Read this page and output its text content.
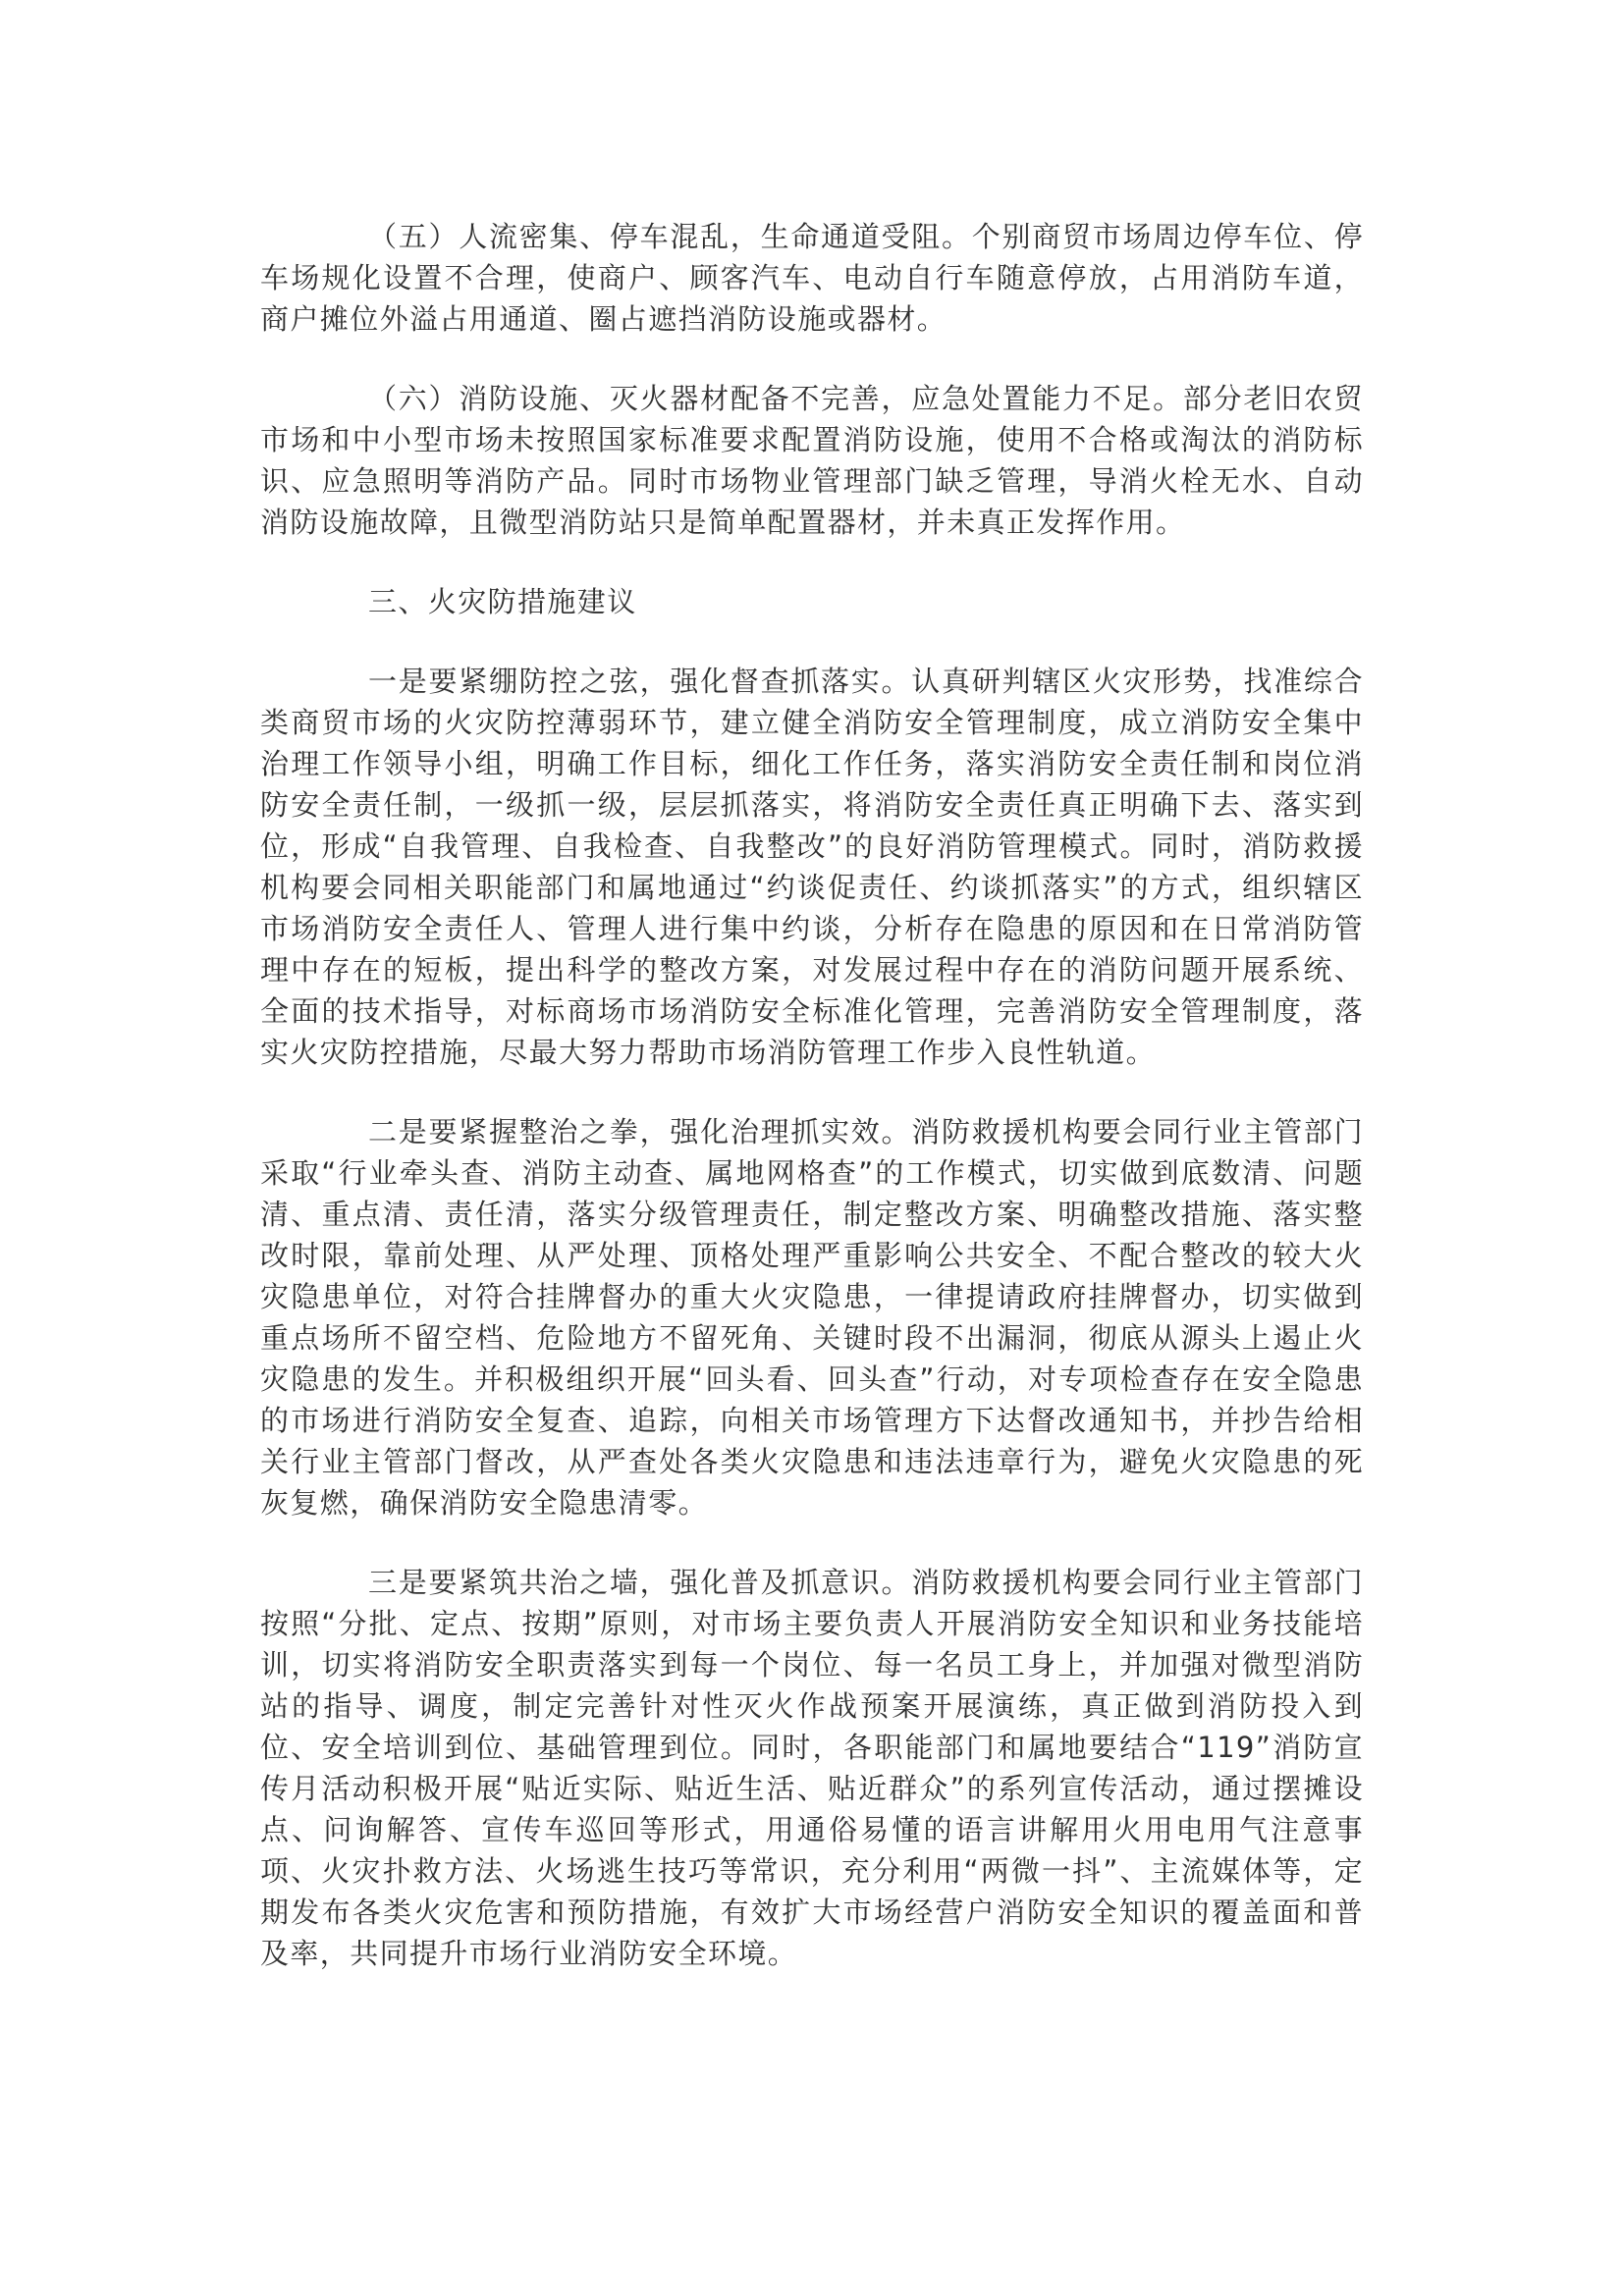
（五）人流密集、停车混乱，生命通道受阻。个别商贸市场周边停车位、停车场规化设置不合理，使商户、顾客汽车、电动自行车随意停放，占用消防车道，商户摊位外溢占用通道、圈占遮挡消防设施或器材。

（六）消防设施、灭火器材配备不完善，应急处置能力不足。部分老旧农贸市场和中小型市场未按照国家标准要求配置消防设施，使用不合格或淘汰的消防标识、应急照明等消防产品。同时市场物业管理部门缺乏管理，导消火栓无水、自动消防设施故障，且微型消防站只是简单配置器材，并未真正发挥作用。

三、火灾防措施建议

一是要紧绷防控之弦，强化督查抓落实。认真研判辖区火灾形势，找准综合类商贸市场的火灾防控薄弱环节，建立健全消防安全管理制度，成立消防安全集中治理工作领导小组，明确工作目标，细化工作任务，落实消防安全责任制和岗位消防安全责任制，一级抓一级，层层抓落实，将消防安全责任真正明确下去、落实到位，形成“自我管理、自我检查、自我整改”的良好消防管理模式。同时，消防救援机构要会同相关职能部门和属地通过“约谈促责任、约谈抓落实”的方式，组织辖区市场消防安全责任人、管理人进行集中约谈，分析存在隐患的原因和在日常消防管理中存在的短板，提出科学的整改方案，对发展过程中存在的消防问题开展系统、全面的技术指导，对标商场市场消防安全标准化管理，完善消防安全管理制度，落实火灾防控措施，尽最大努力帮助市场消防管理工作步入良性轨道。

二是要紧握整治之拳，强化治理抓实效。消防救援机构要会同行业主管部门采取“行业牵头查、消防主动查、属地网格查”的工作模式，切实做到底数清、问题清、重点清、责任清，落实分级管理责任，制定整改方案、明确整改措施、落实整改时限，靠前处理、从严处理、顶格处理严重影响公共安全、不配合整改的较大火灾隐患单位，对符合挂牌督办的重大火灾隐患，一律提请政府挂牌督办，切实做到重点场所不留空档、危险地方不留死角、关键时段不出漏洞，彻底从源头上遏止火灾隐患的发生。并积极组织开展“回头看、回头查”行动，对专项检查存在安全隐患的市场进行消防安全复查、追踪，向相关市场管理方下达督改通知书，并抄告给相关行业主管部门督改，从严查处各类火灾隐患和违法违章行为，避免火灾隐患的死灰复燃，确保消防安全隐患清零。

三是要紧筑共治之墙，强化普及抓意识。消防救援机构要会同行业主管部门按照“分批、定点、按期”原则，对市场主要负责人开展消防安全知识和业务技能培训，切实将消防安全职责落实到每一个岗位、每一名员工身上，并加强对微型消防站的指导、调度，制定完善针对性灭火作战预案开展演练，真正做到消防投入到位、安全培训到位、基础管理到位。同时，各职能部门和属地要结合“119”消防宣传月活动积极开展“贴近实际、贴近生活、贴近群众”的系列宣传活动，通过摆摊设点、问询解答、宣传车巡回等形式，用通俗易懂的语言讲解用火用电用气注意事项、火灾扑救方法、火场逃生技巧等常识，充分利用“两微一抖”、主流媒体等，定期发布各类火灾危害和预防措施，有效扩大市场经营户消防安全知识的覆盖面和普及率，共同提升市场行业消防安全环境。
